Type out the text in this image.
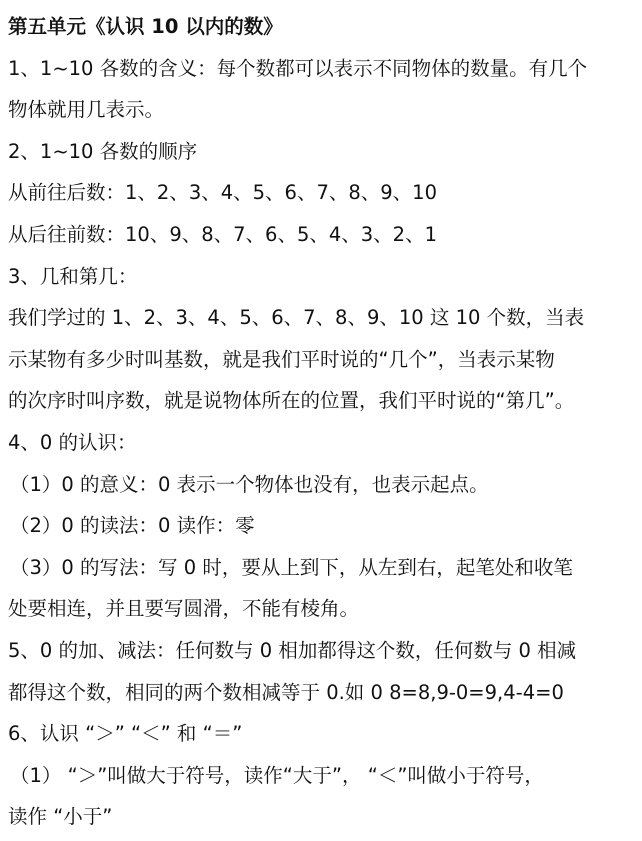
第五单元《认识 10 以内的数》
1、1~10 各数的含义：每个数都可以表示不同物体的数量。有几个
物体就用几表示。
2、1~10 各数的顺序
从前往后数：1、2、3、4、5、6、7、8、9、10
从后往前数：10、9、8、7、6、5、4、3、2、1
3、几和第几：
我们学过的 1、2、3、4、5、6、7、8、9、10 这 10 个数，当表
示某物有多少时叫基数，就是我们平时说的“几个”，当表示某物
的次序时叫序数，就是说物体所在的位置，我们平时说的“第几”。
4、0 的认识：
（1）0 的意义：0 表示一个物体也没有，也表示起点。
（2）0 的读法：0 读作：零
（3）0 的写法：写 0 时，要从上到下，从左到右，起笔处和收笔
处要相连，并且要写圆滑，不能有棱角。
5、0 的加、减法：任何数与 0 相加都得这个数，任何数与 0 相减
都得这个数，相同的两个数相减等于 0.如 0 8=8,9-0=9,4-4=0
6、认识 “＞” “＜” 和 “＝”
（1） “＞”叫做大于符号，读作“大于”， “＜”叫做小于符号，
读作 “小于”
